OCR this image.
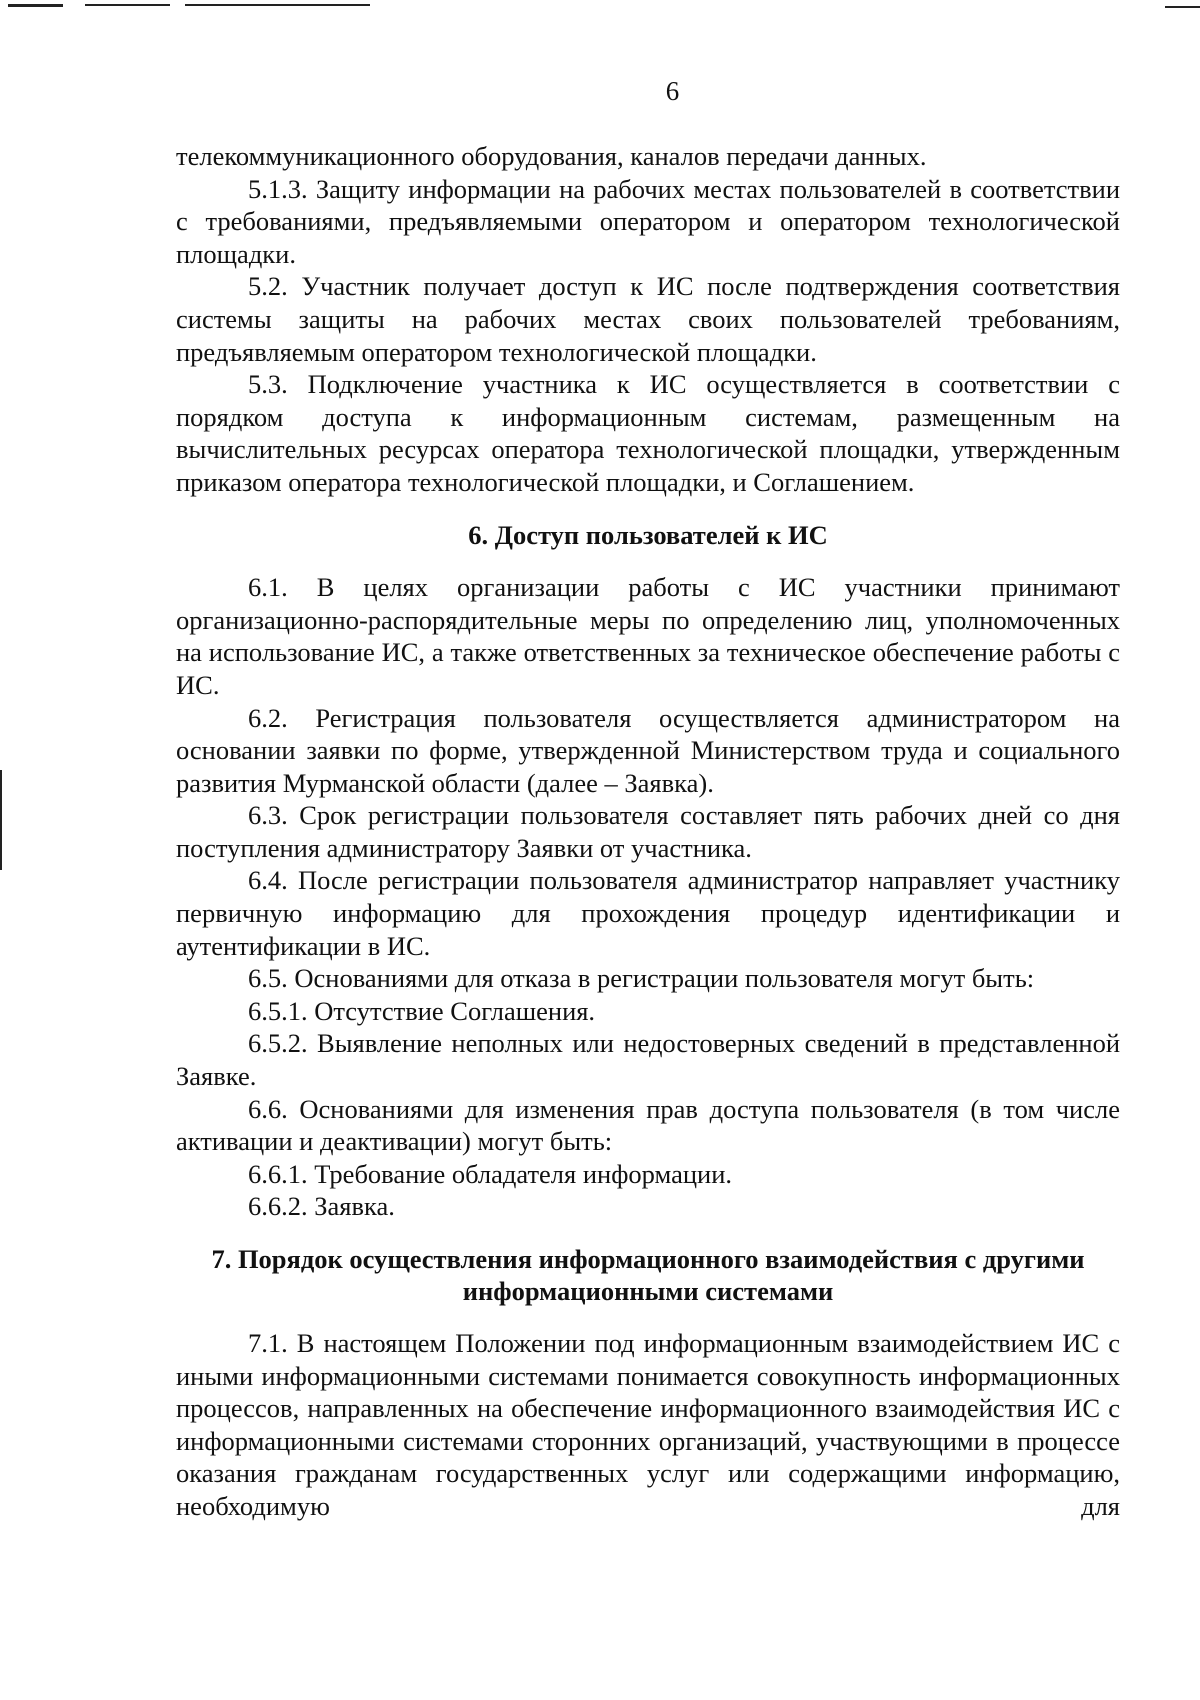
6

телекоммуникационного оборудования, каналов передачи данных.

5.1.3. Защиту информации на рабочих местах пользователей в соответствии с требованиями, предъявляемыми оператором и оператором технологической площадки.

5.2. Участник получает доступ к ИС после подтверждения соответствия системы защиты на рабочих местах своих пользователей требованиям, предъявляемым оператором технологической площадки.

5.3. Подключение участника к ИС осуществляется в соответствии с порядком доступа к информационным системам, размещенным на вычислительных ресурсах оператора технологической площадки, утвержденным приказом оператора технологической площадки, и Соглашением.

6. Доступ пользователей к ИС

6.1. В целях организации работы с ИС участники принимают организационно-распорядительные меры по определению лиц, уполномоченных на использование ИС, а также ответственных за техническое обеспечение работы с ИС.

6.2. Регистрация пользователя осуществляется администратором на основании заявки по форме, утвержденной Министерством труда и социального развития Мурманской области (далее – Заявка).

6.3. Срок регистрации пользователя составляет пять рабочих дней со дня поступления администратору Заявки от участника.

6.4. После регистрации пользователя администратор направляет участнику первичную информацию для прохождения процедур идентификации и аутентификации в ИС.

6.5. Основаниями для отказа в регистрации пользователя могут быть:

6.5.1. Отсутствие Соглашения.

6.5.2. Выявление неполных или недостоверных сведений в представленной Заявке.

6.6. Основаниями для изменения прав доступа пользователя (в том числе активации и деактивации) могут быть:

6.6.1. Требование обладателя информации.

6.6.2. Заявка.

7. Порядок осуществления информационного взаимодействия с другими информационными системами

7.1. В настоящем Положении под информационным взаимодействием ИС с иными информационными системами понимается совокупность информационных процессов, направленных на обеспечение информационного взаимодействия ИС с информационными системами сторонних организаций, участвующими в процессе оказания гражданам государственных услуг или содержащими информацию, необходимую для
